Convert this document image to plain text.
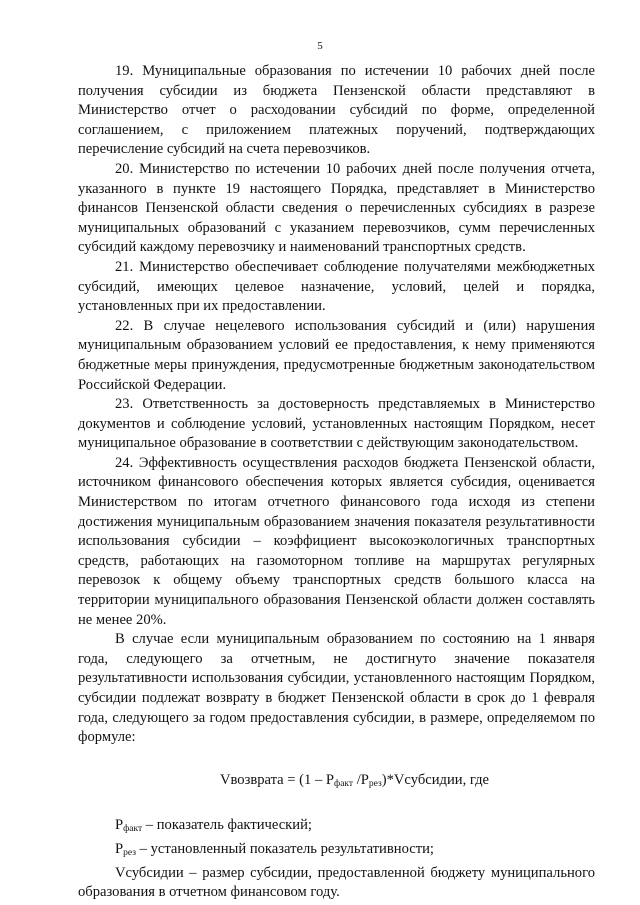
5

19. Муниципальные образования по истечении 10 рабочих дней после получения субсидии из бюджета Пензенской области представляют в Министерство отчет о расходовании субсидий по форме, определенной соглашением, с приложением платежных поручений, подтверждающих перечисление субсидий на счета перевозчиков.

20. Министерство по истечении 10 рабочих дней после получения отчета, указанного в пункте 19 настоящего Порядка, представляет в Министерство финансов Пензенской области сведения о перечисленных субсидиях в разрезе муниципальных образований с указанием перевозчиков, сумм перечисленных субсидий каждому перевозчику и наименований транспортных средств.

21. Министерство обеспечивает соблюдение получателями межбюджетных субсидий, имеющих целевое назначение, условий, целей и порядка, установленных при их предоставлении.

22. В случае нецелевого использования субсидий и (или) нарушения муниципальным образованием условий ее предоставления, к нему применяются бюджетные меры принуждения, предусмотренные бюджетным законодательством Российской Федерации.

23. Ответственность за достоверность представляемых в Министерство документов и соблюдение условий, установленных настоящим Порядком, несет муниципальное образование в соответствии с действующим законодательством.

24. Эффективность осуществления расходов бюджета Пензенской области, источником финансового обеспечения которых является субсидия, оценивается Министерством по итогам отчетного финансового года исходя из степени достижения муниципальным образованием значения показателя результативности использования субсидии – коэффициент высокоэкологичных транспортных средств, работающих на газомоторном топливе на маршрутах регулярных перевозок к общему объему транспортных средств большого класса на территории муниципального образования Пензенской области должен составлять не менее 20%.

В случае если муниципальным образованием по состоянию на 1 января года, следующего за отчетным, не достигнуто значение показателя результативности использования субсидии, установленного настоящим Порядком, субсидии подлежат возврату в бюджет Пензенской области в срок до 1 февраля года, следующего за годом предоставления субсидии, в размере, определяемом по формуле:

Vвозврата = ($1 - P_{факт}$ $/P_{рез})*Vсубсидии$, где

$P_{факт}$ – показатель фактический;

$P_{рез}$ – установленный показатель результативности;

Vсубсидии – размер субсидии, предоставленной бюджету муниципального образования в отчетном финансовом году.
